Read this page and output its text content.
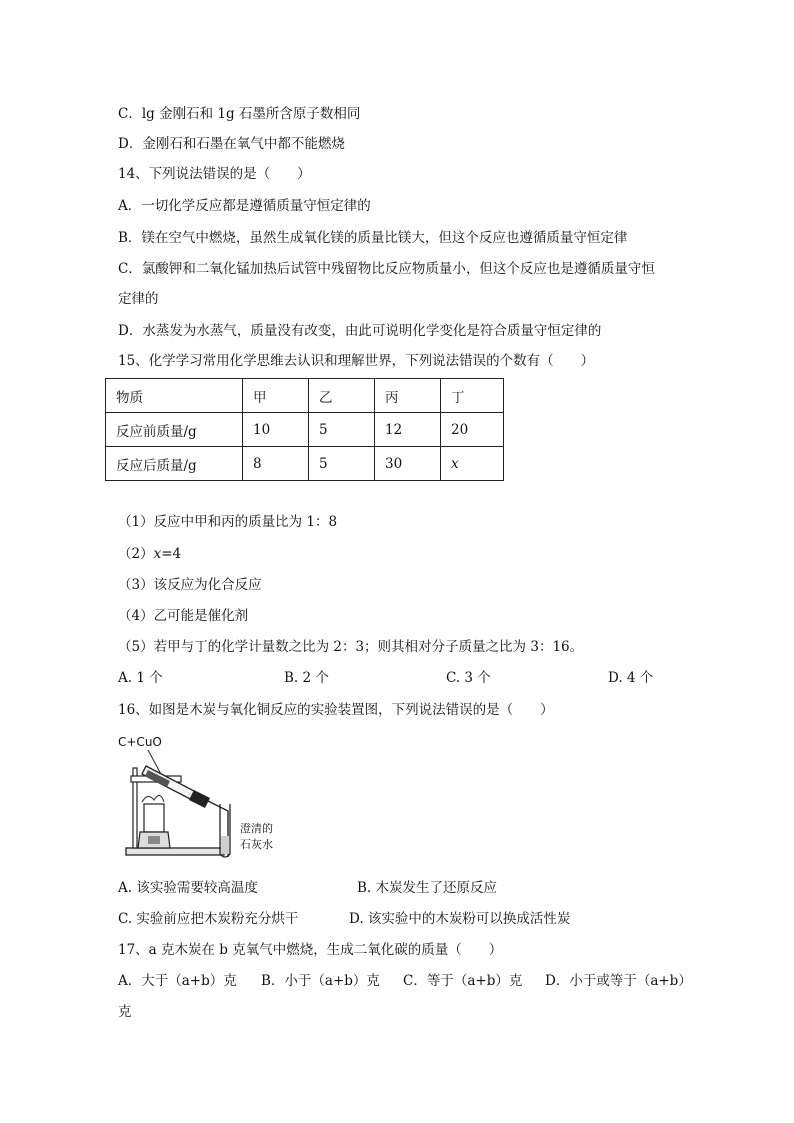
C．lg 金刚石和 1g 石墨所含原子数相同
D．金刚石和石墨在氧气中都不能燃烧
14、下列说法错误的是（　　）
A．一切化学反应都是遵循质量守恒定律的
B．镁在空气中燃烧，虽然生成氧化镁的质量比镁大，但这个反应也遵循质量守恒定律
C．氯酸钾和二氧化锰加热后试管中残留物比反应物质量小，但这个反应也是遵循质量守恒
定律的
D．水蒸发为水蒸气，质量没有改变，由此可说明化学变化是符合质量守恒定律的
15、化学学习常用化学思维去认识和理解世界，下列说法错误的个数有（　　）
物质	甲	乙	丙	丁
反应前质量/g	10	5	12	20
反应后质量/g	8	5	30	x
（1）反应中甲和丙的质量比为 1：8
（2）x=4
（3）该反应为化合反应
（4）乙可能是催化剂
（5）若甲与丁的化学计量数之比为 2：3；则其相对分子质量之比为 3：16。
A. 1 个	B. 2 个	C. 3 个	D. 4 个
16、如图是木炭与氧化铜反应的实验装置图，下列说法错误的是（　　）
C+CuO
澄清的
石灰水
A. 该实验需要较高温度	B. 木炭发生了还原反应
C. 实验前应把木炭粉充分烘干	D. 该实验中的木炭粉可以换成活性炭
17、a 克木炭在 b 克氧气中燃烧，生成二氧化碳的质量（　　）
A．大于（a+b）克 B．小于（a+b）克 C．等于（a+b）克 D．小于或等于（a+b）
克
